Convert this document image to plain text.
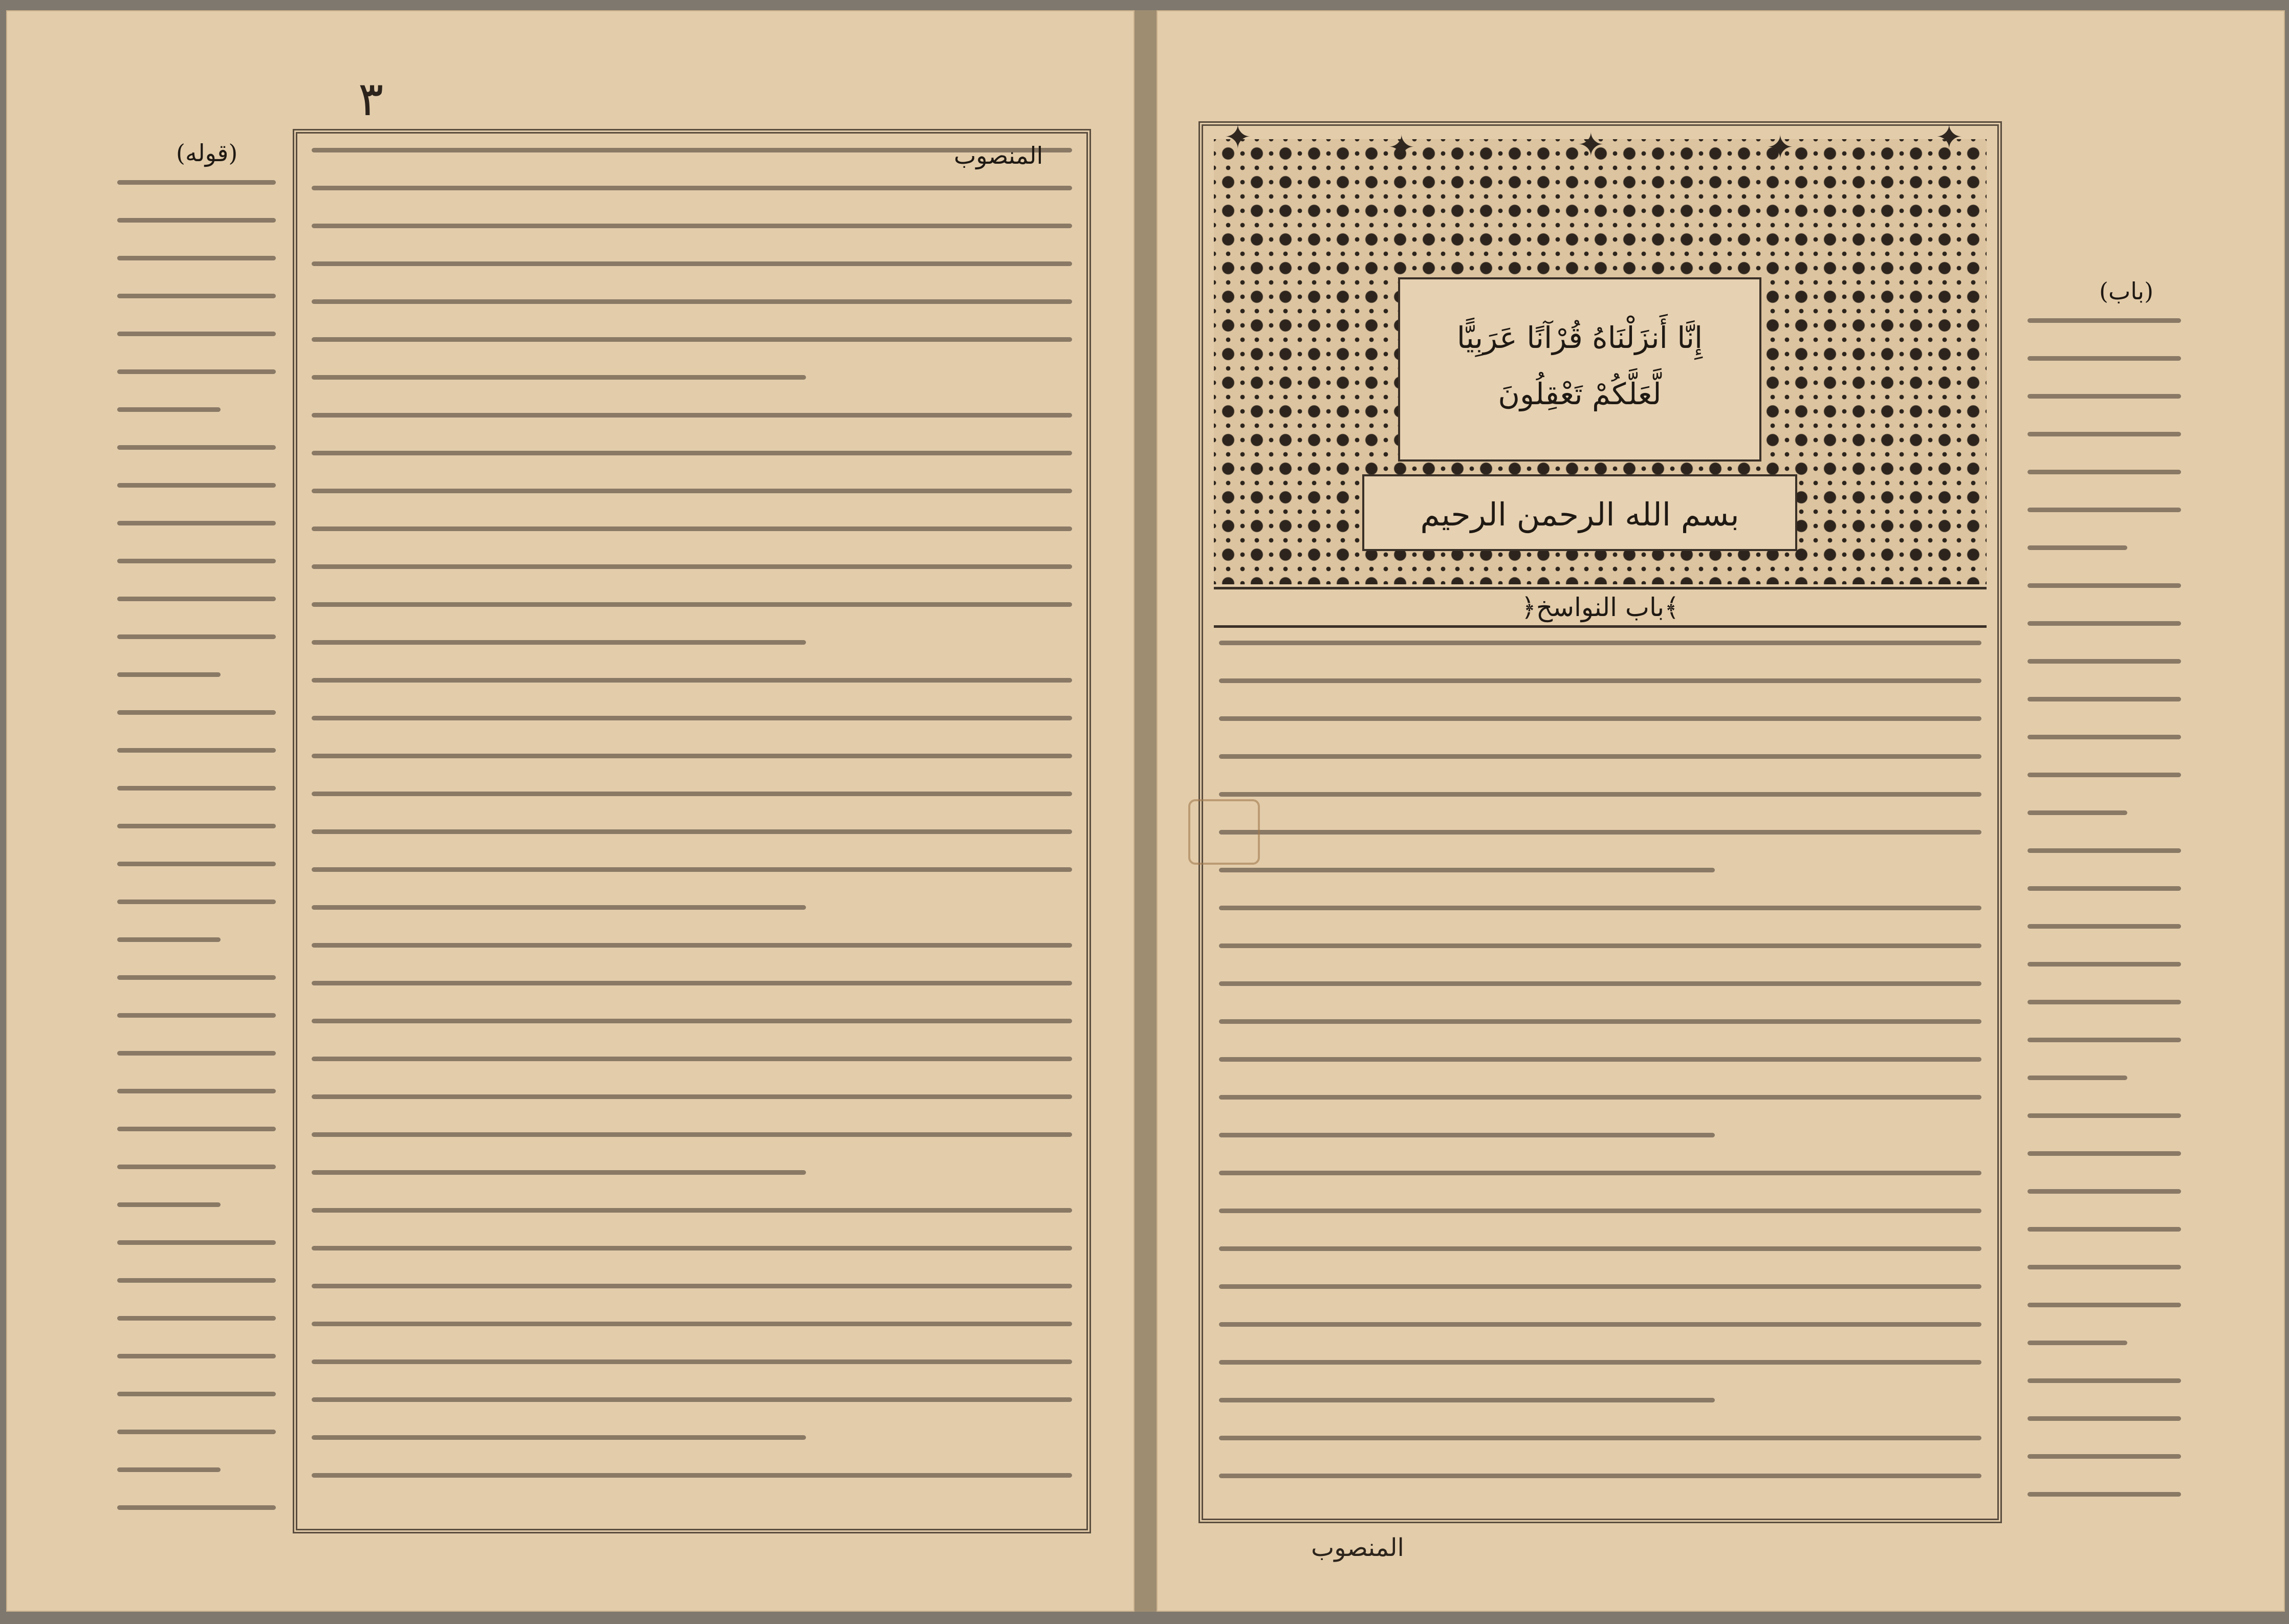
٣
(قوله)	المنصوب	✦	✦	✦	✦	✦
إِنَّا أَنزَلْنَاهُ قُرْآنًا عَرَبِيًّا
لَّعَلَّكُمْ تَعْقِلُونَ
بسم الله الرحمن الرحيم
﴿باب النواسخ﴾
(باب)
المنصوب
